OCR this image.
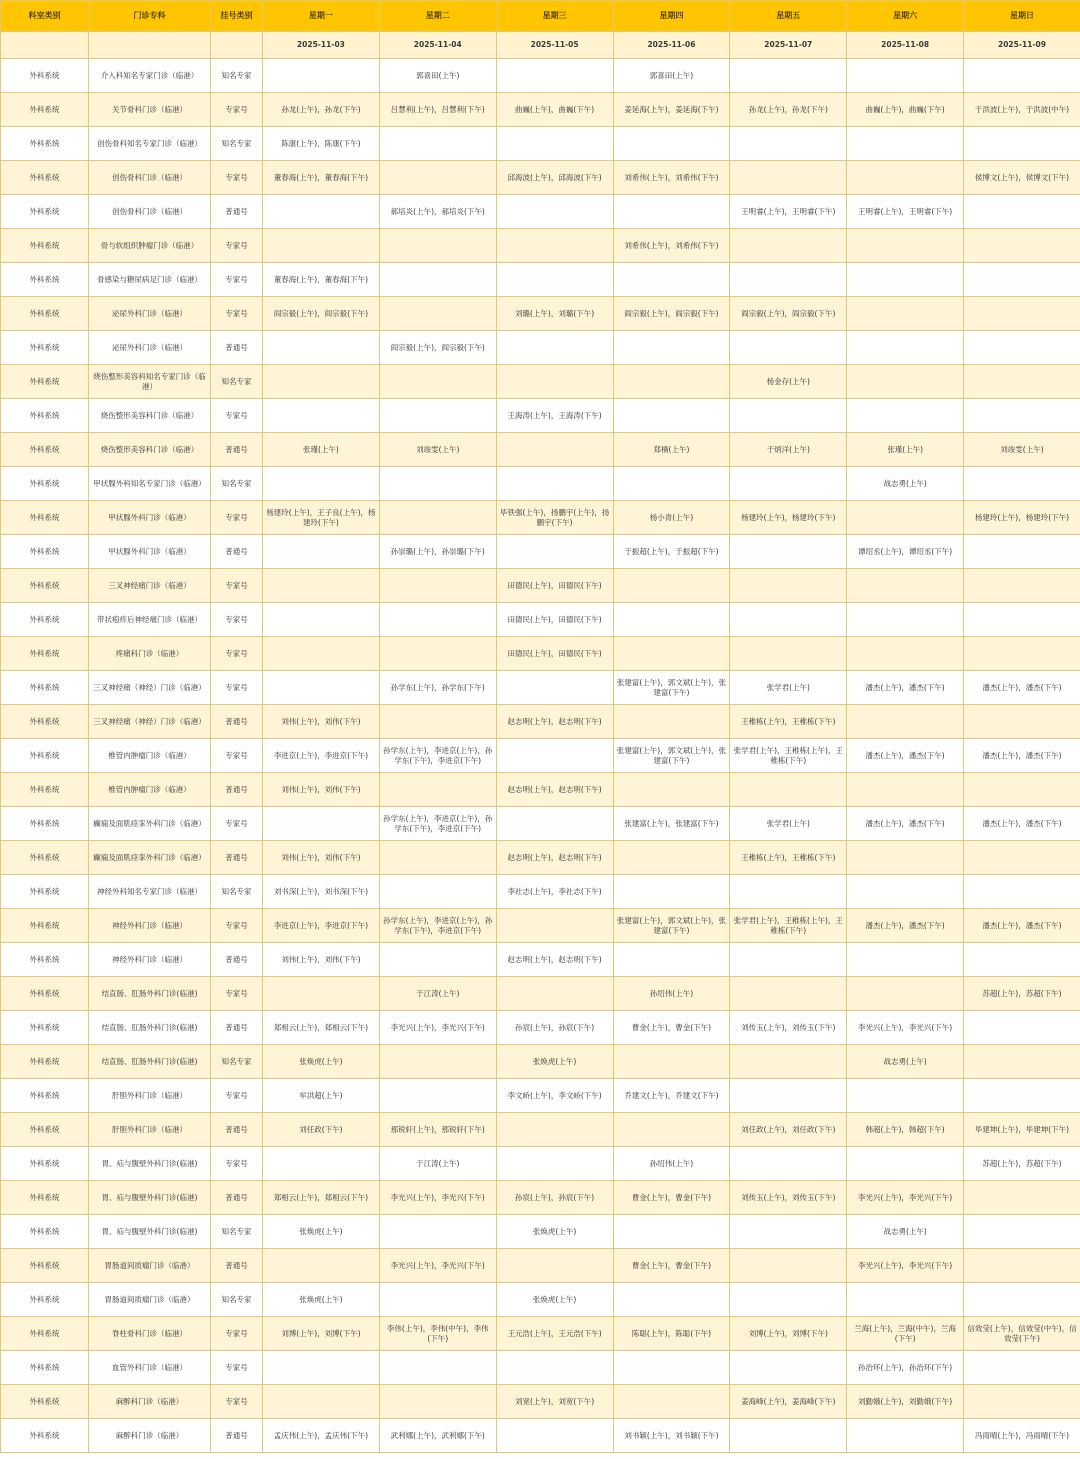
科室类别	门诊专科	挂号类别	星期一	星期二	星期三	星期四	星期五	星期六	星期日
			2025-11-03	2025-11-04	2025-11-05	2025-11-06	2025-11-07	2025-11-08	2025-11-09
外科系统	介入科知名专家门诊（临港）	知名专家		郭喜田(上午)		郭喜田(上午)			
外科系统	关节骨科门诊（临港）	专家号	孙龙(上午)，孙龙(下午)	吕慧利(上午)，吕慧利(下午)	曲巍(上午)，曲巍(下午)	姜延海(上午)，姜延海(下午)	孙龙(上午)，孙龙(下午)	曲巍(上午)，曲巍(下午)	于洪波(上午)，于洪波(中午)
外科系统	创伤骨科知名专家门诊（临港）	知名专家	陈康(上午)，陈康(下午)						
外科系统	创伤骨科门诊（临港）	专家号	董春海(上午)，董春海(下午)		邱海波(上午)，邱海波(下午)	刘希伟(上午)，刘希伟(下午)			侯博文(上午)，侯博文(下午)
外科系统	创伤骨科门诊（临港）	普通号		郝培炎(上午)，郝培炎(下午)			王明睿(上午)，王明睿(下午)	王明睿(上午)，王明睿(下午)	
外科系统	骨与软组织肿瘤门诊（临港）	专家号				刘希伟(上午)，刘希伟(下午)			
外科系统	骨感染与糖尿病足门诊（临港）	专家号	董春海(上午)，董春海(下午)						
外科系统	泌尿外科门诊（临港）	专家号	阎宗毅(上午)，阎宗毅(下午)		刘璐(上午)，刘璐(下午)	阎宗毅(上午)，阎宗毅(下午)	阎宗毅(上午)，阎宗毅(下午)		
外科系统	泌尿外科门诊（临港）	普通号		阎宗毅(上午)，阎宗毅(下午)					
外科系统	烧伤整形美容科知名专家门诊（临港）	知名专家					杨金存(上午)		
外科系统	烧伤整形美容科门诊（临港）	专家号			王海涛(上午)，王海涛(下午)				
外科系统	烧伤整形美容科门诊（临港）	普通号	张瑾(上午)	刘竣雯(上午)		郑楠(上午)	于炳洋(上午)	张瑾(上午)	刘竣雯(上午)
外科系统	甲状腺外科知名专家门诊（临港）	知名专家						战志勇(上午)	
外科系统	甲状腺外科门诊（临港）	专家号	杨建玲(上午)，王子良(上午)，杨建玲(下午)		毕铁强(上午)，扬鹏宇(上午)，扬鹏宇(下午)	杨小青(上午)	杨建玲(上午)，杨建玲(下午)		杨建玲(上午)，杨建玲(下午)
外科系统	甲状腺外科门诊（临港）	普通号		孙崇璐(上午)，孙崇璐(下午)		于振超(上午)，于振超(下午)		谭绍丞(上午)，谭绍丞(下午)	
外科系统	三叉神经痛门诊（临港）	专家号			田德民(上午)，田德民(下午)				
外科系统	带状疱疹后神经痛门诊（临港）	专家号			田德民(上午)，田德民(下午)				
外科系统	疼痛科门诊（临港）	专家号			田德民(上午)，田德民(下午)				
外科系统	三叉神经痛（神经）门诊（临港）	专家号		孙学东(上午)，孙学东(下午)		张建富(上午)，郭文斌(上午)，张建富(下午)	张学君(上午)	潘杰(上午)，潘杰(下午)	潘杰(上午)，潘杰(下午)
外科系统	三叉神经痛（神经）门诊（临港）	普通号	刘伟(上午)，刘伟(下午)		赵志明(上午)，赵志明(下午)		王稚栋(上午)，王稚栋(下午)		
外科系统	椎管内肿瘤门诊（临港）	专家号	李进京(上午)，李进京(下午)	孙学东(上午)，李进京(上午)，孙学东(下午)，李进京(下午)		张建富(上午)，郭文斌(上午)，张建富(下午)	张学君(上午)，王稚栋(上午)，王稚栋(下午)	潘杰(上午)，潘杰(下午)	潘杰(上午)，潘杰(下午)
外科系统	椎管内肿瘤门诊（临港）	普通号	刘伟(上午)，刘伟(下午)		赵志明(上午)，赵志明(下午)				
外科系统	癫痫及面肌痉挛外科门诊（临港）	专家号		孙学东(上午)，李进京(上午)，孙学东(下午)，李进京(下午)		张建富(上午)，张建富(下午)	张学君(上午)	潘杰(上午)，潘杰(下午)	潘杰(上午)，潘杰(下午)
外科系统	癫痫及面肌痉挛外科门诊（临港）	普通号	刘伟(上午)，刘伟(下午)		赵志明(上午)，赵志明(下午)		王稚栋(上午)，王稚栋(下午)		
外科系统	神经外科知名专家门诊（临港）	知名专家	刘书深(上午)，刘书深(下午)		李社志(上午)，李社志(下午)				
外科系统	神经外科门诊（临港）	专家号	李进京(上午)，李进京(下午)	孙学东(上午)，李进京(上午)，孙学东(下午)，李进京(下午)		张建富(上午)，郭文斌(上午)，张建富(下午)	张学君(上午)，王稚栋(上午)，王稚栋(下午)	潘杰(上午)，潘杰(下午)	潘杰(上午)，潘杰(下午)
外科系统	神经外科门诊（临港）	普通号	刘伟(上午)，刘伟(下午)		赵志明(上午)，赵志明(下午)				
外科系统	结直肠、肛肠外科门诊(临港)	专家号		于江涛(上午)		孙绍伟(上午)			苏超(上午)，苏超(下午)
外科系统	结直肠、肛肠外科门诊(临港)	普通号	郑相云(上午)，郑相云(下午)	李光兴(上午)，李光兴(下午)	孙宸(上午)，孙宸(下午)	曹金(上午)，曹金(下午)	刘传玉(上午)，刘传玉(下午)	李光兴(上午)，李光兴(下午)	
外科系统	结直肠、肛肠外科门诊(临港)	知名专家	张焕虎(上午)		张焕虎(上午)			战志勇(上午)	
外科系统	肝胆外科门诊（临港）	专家号	牟洪超(上午)		李文峤(上午)，李文峤(下午)	乔建文(上午)，乔建文(下午)			
外科系统	肝胆外科门诊（临港）	普通号	刘任政(下午)	那锐轩(上午)，那锐轩(下午)			刘任政(上午)，刘任政(下午)	韩超(上午)，韩超(下午)	毕建坤(上午)，毕建坤(下午)
外科系统	胃、疝与腹壁外科门诊(临港)	专家号		于江涛(上午)		孙绍伟(上午)			苏超(上午)，苏超(下午)
外科系统	胃、疝与腹壁外科门诊(临港)	普通号	郑相云(上午)，郑相云(下午)	李光兴(上午)，李光兴(下午)	孙宸(上午)，孙宸(下午)	曹金(上午)，曹金(下午)	刘传玉(上午)，刘传玉(下午)	李光兴(上午)，李光兴(下午)	
外科系统	胃、疝与腹壁外科门诊(临港)	知名专家	张焕虎(上午)		张焕虎(上午)			战志勇(上午)	
外科系统	胃肠道间质瘤门诊（临港）	普通号		李光兴(上午)，李光兴(下午)		曹金(上午)，曹金(下午)		李光兴(上午)，李光兴(下午)	
外科系统	胃肠道间质瘤门诊（临港）	知名专家	张焕虎(上午)		张焕虎(上午)				
外科系统	脊柱骨科门诊（临港）	专家号	刘博(上午)，刘博(下午)	李伟(上午)，李伟(中午)，李伟(下午)	王元浩(上午)，王元浩(下午)	陈聪(上午)，陈聪(下午)	刘博(上午)，刘博(下午)	兰海(上午)，兰海(中午)，兰海(下午)	信效莹(上午)，信效莹(中午)，信效莹(下午)
外科系统	血管外科门诊（临港）	专家号						孙治环(上午)，孙治环(下午)	
外科系统	麻醉科门诊（临港）	专家号			刘宽(上午)，刘宽(下午)		姜海峰(上午)，姜海峰(下午)	刘勤娥(上午)，刘勤娥(下午)	
外科系统	麻醉科门诊（临港）	普通号	孟庆伟(上午)，孟庆伟(下午)	武利娜(上午)，武利娜(下午)		刘书颖(上午)，刘书颖(下午)			冯雨晴(上午)，冯雨晴(下午)
